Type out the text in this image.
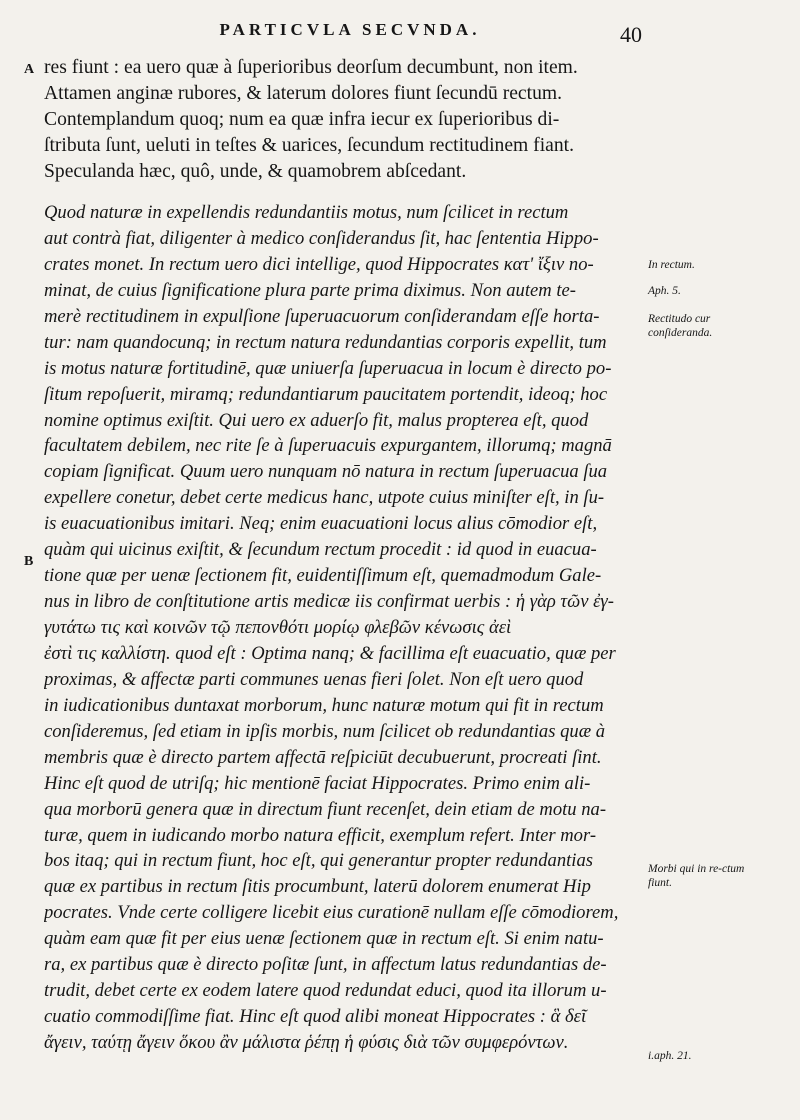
PARTICVLA SECVNDA.	40
A
B
res fiunt : ea uero quæ à ſuperioribus deorſum decumbunt, non item.
Attamen anginæ rubores, & laterum dolores fiunt ſecundū rectum.
Contemplandum quoq; num ea quæ infra iecur ex ſuperioribus di-
ſtributa ſunt, ueluti in teſtes & uarices, ſecundum rectitudinem fiant.
Speculanda hæc, quô, unde, & quamobrem abſcedant.
Quod naturæ in expellendis redundantiis motus, num ſcilicet in rectum
aut contrà fiat, diligenter à medico conſiderandus ſit, hac ſententia Hippo-
crates monet. In rectum uero dici intellige, quod Hippocrates κατ' ἴξιν no-
minat, de cuius ſignificatione plura parte prima diximus. Non autem te-
merè rectitudinem in expulſione ſuperuacuorum conſiderandam eſſe horta-
tur: nam quandocunq; in rectum natura redundantias corporis expellit, tum
is motus naturæ fortitudinē, quæ uniuerſa ſuperuacua in locum è directo po-
ſitum repoſuerit, miramq; redundantiarum paucitatem portendit, ideoq; hoc
nomine optimus exiſtit. Qui uero ex aduerſo fit, malus propterea eſt, quod
facultatem debilem, nec rite ſe à ſuperuacuis expurgantem, illorumq; magnā
copiam ſignificat. Quum uero nunquam nō natura in rectum ſuperuacua ſua
expellere conetur, debet certe medicus hanc, utpote cuius miniſter eſt, in ſu-
is euacuationibus imitari. Neq; enim euacuationi locus alius cōmodior eſt,
quàm qui uicinus exiſtit, & ſecundum rectum procedit : id quod in euacua-
tione quæ per uenæ ſectionem fit, euidentiſſimum eſt, quemadmodum Gale-
nus in libro de conſtitutione artis medicæ iis confirmat uerbis : ἡ γὰρ τῶν ἐγ-
γυτάτω τις καὶ κοινῶν τῷ πεπονθότι μορίῳ φλεβῶν κένωσις ἀεὶ
ἐστὶ τις καλλίστη. quod eſt : Optima nanq; & facillima eſt euacuatio, quæ per
proximas, & affectæ parti communes uenas fieri ſolet. Non eſt uero quod
in iudicationibus duntaxat morborum, hunc naturæ motum qui fit in rectum
conſideremus, ſed etiam in ipſis morbis, num ſcilicet ob redundantias quæ à
membris quæ è directo partem affectā reſpiciūt decubuerunt, procreati ſint.
Hinc eſt quod de utriſq; hic mentionē faciat Hippocrates. Primo enim ali-
qua morborū genera quæ in directum fiunt recenſet, dein etiam de motu na-
turæ, quem in iudicando morbo natura efficit, exemplum refert. Inter mor-
bos itaq; qui in rectum fiunt, hoc eſt, qui generantur propter redundantias
quæ ex partibus in rectum ſitis procumbunt, laterū dolorem enumerat Hip
pocrates. Vnde certe colligere licebit eius curationē nullam eſſe cōmodiorem,
quàm eam quæ fit per eius uenæ ſectionem quæ in rectum eſt. Si enim natu-
ra, ex partibus quæ è directo poſitæ ſunt, in affectum latus redundantias de-
trudit, debet certe ex eodem latere quod redundat educi, quod ita illorum u-
cuatio commodiſſime fiat. Hinc eſt quod alibi moneat Hippocrates : ἃ δεῖ
ἄγειν, ταύτῃ ἄγειν ὅκου ἂν μάλιστα ῥέπῃ ἡ φύσις διὰ τῶν συμφερόντων.
In rectum.
Aph. 5.
Rectitudo cur conſideranda.
Morbi qui in re-ctum fiunt.
i.aph. 21.
